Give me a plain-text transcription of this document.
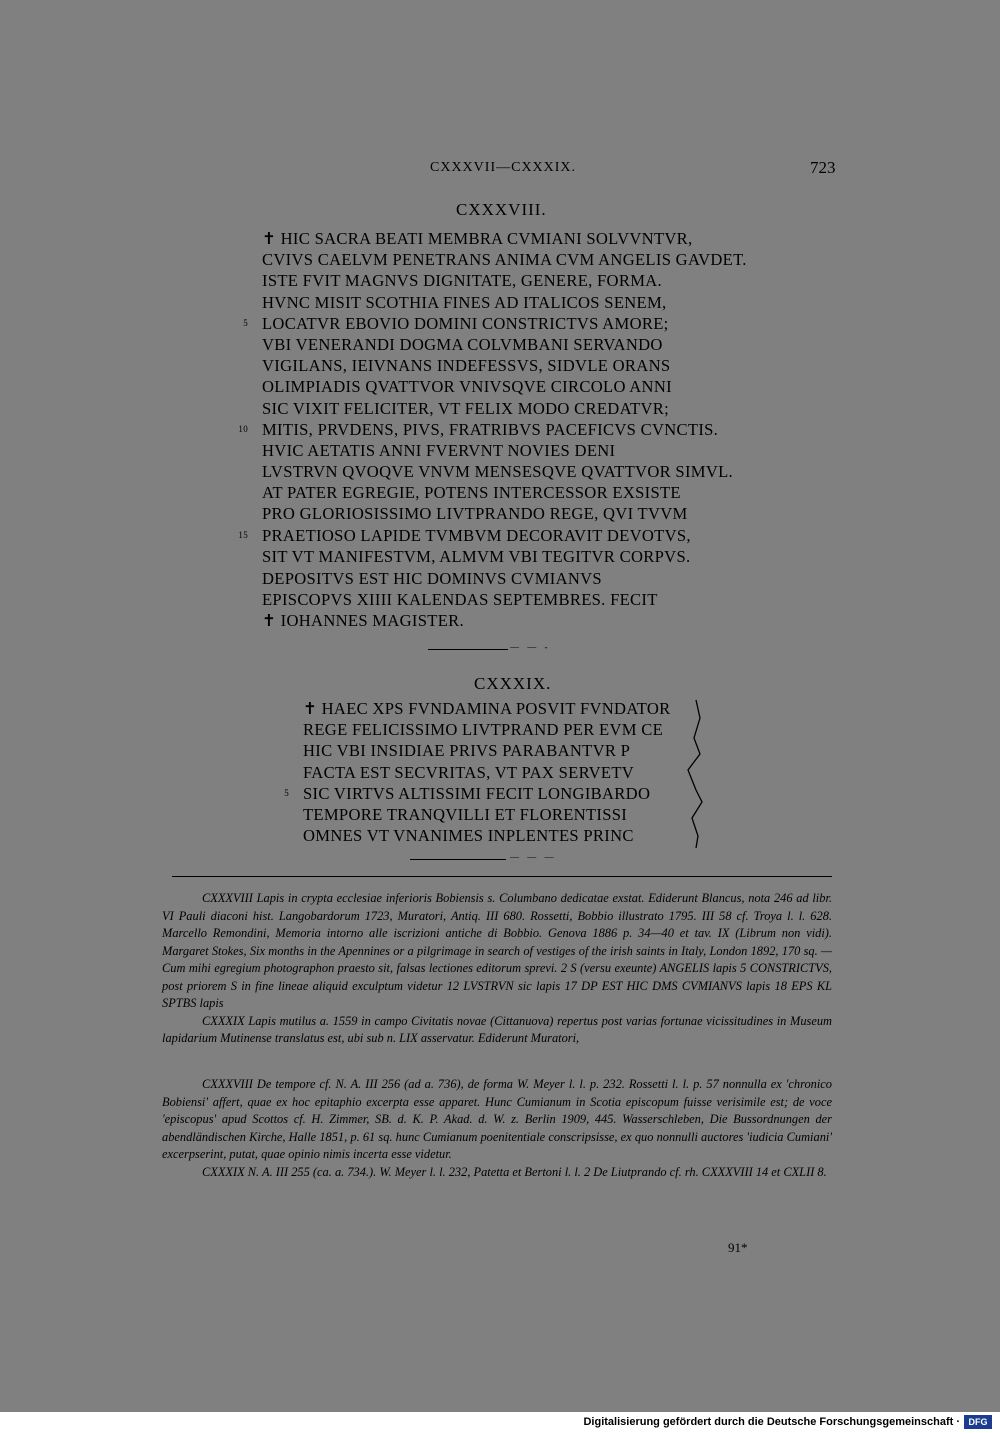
CXXXVII—CXXXIX.	723
CXXXVIII.
✝ HIC SACRA BEATI MEMBRA CVMIANI SOLVVNTVR,
CVIVS CAELVM PENETRANS ANIMA CVM ANGELIS GAVDET.
ISTE FVIT MAGNVS DIGNITATE, GENERE, FORMA.
HVNC MISIT SCOTHIA FINES AD ITALICOS SENEM,
5 LOCATVR EBOVIO DOMINI CONSTRICTVS AMORE;
VBI VENERANDI DOGMA COLVMBANI SERVANDO
VIGILANS, IEIVNANS INDEFESSVS, SIDVLE ORANS
OLIMPIADIS QVATTVOR VNIVSQVE CIRCOLO ANNI
SIC VIXIT FELICITER, VT FELIX MODO CREDATVR;
10 MITIS, PRVDENS, PIVS, FRATRIBVS PACEFICVS CVNCTIS.
HVIC AETATIS ANNI FVERVNT NOVIES DENI
LVSTRVN QVOQVE VNVM MENSESQVE QVATTVOR SIMVL.
AT PATER EGREGIE, POTENS INTERCESSOR EXSISTE
PRO GLORIOSISSIMO LIVTPRANDO REGE, QVI TVVM
15 PRAETIOSO LAPIDE TVMBVM DECORAVIT DEVOTVS,
SIT VT MANIFESTVM, ALMVM VBI TEGITVR CORPVS.
DEPOSITVS EST HIC DOMINVS CVMIANVS
EPISCOPVS XIIII KALENDAS SEPTEMBRES. FECIT
✝ IOHANNES MAGISTER.
— — -
CXXXIX.
✝ HAEC XPS FVNDAMINA POSVIT FVNDATOR
REGE FELICISSIMO LIVTPRAND PER EVM CE
HIC VBI INSIDIAE PRIVS PARABANTVR P
FACTA EST SECVRITAS, VT PAX SERVETV
5 SIC VIRTVS ALTISSIMI FECIT LONGIBARDO
TEMPORE TRANQVILLI ET FLORENTISSI
OMNES VT VNANIMES INPLENTES PRINC
— — —

CXXXVIII Lapis in crypta ecclesiae inferioris Bobiensis s. Columbano dedicatae exstat. Ediderunt Blancus, nota 246 ad libr. VI Pauli diaconi hist. Langobardorum 1723, Muratori, Antiq. III 680. Rossetti, Bobbio illustrato 1795. III 58 cf. Troya l. l. 628. Marcello Remondini, Memoria intorno alle iscrizioni antiche di Bobbio. Genova 1886 p. 34—40 et tav. IX (Librum non vidi). Margaret Stokes, Six months in the Apennines or a pilgrimage in search of vestiges of the irish saints in Italy, London 1892, 170 sq. — Cum mihi egregium photographon praesto sit, falsas lectiones editorum sprevi. 2 S (versu exeunte) ANGELIS lapis 5 CONSTRICTVS, post priorem S in fine lineae aliquid exculptum videtur 12 LVSTRVN sic lapis 17 DP EST HIC DMS CVMIANVS lapis 18 EPS KL SPTBS lapis

CXXXIX Lapis mutilus a. 1559 in campo Civitatis novae (Cittanuova) repertus post varias fortunae vicissitudines in Museum lapidarium Mutinense translatus est, ubi sub n. LIX asservatur. Ediderunt Muratori,

CXXXVIII De tempore cf. N. A. III 256 (ad a. 736), de forma W. Meyer l. l. p. 232. Rossetti l. l. p. 57 nonnulla ex 'chronico Bobiensi' affert, quae ex hoc epitaphio excerpta esse apparet. Hunc Cumianum in Scotia episcopum fuisse verisimile est; de voce 'episcopus' apud Scottos cf. H. Zimmer, SB. d. K. P. Akad. d. W. z. Berlin 1909, 445. Wasserschleben, Die Bussordnungen der abendländischen Kirche, Halle 1851, p. 61 sq. hunc Cumianum poenitentiale conscripsisse, ex quo nonnulli auctores 'iudicia Cumiani' excerpserint, putat, quae opinio nimis incerta esse videtur.

CXXXIX N. A. III 255 (ca. a. 734.). W. Meyer l. l. 232, Patetta et Bertoni l. l. 2 De Liutprando cf. rh. CXXXVIII 14 et CXLII 8.

91*
Digitalisierung gefördert durch die Deutsche Forschungsgemeinschaft · DFG
